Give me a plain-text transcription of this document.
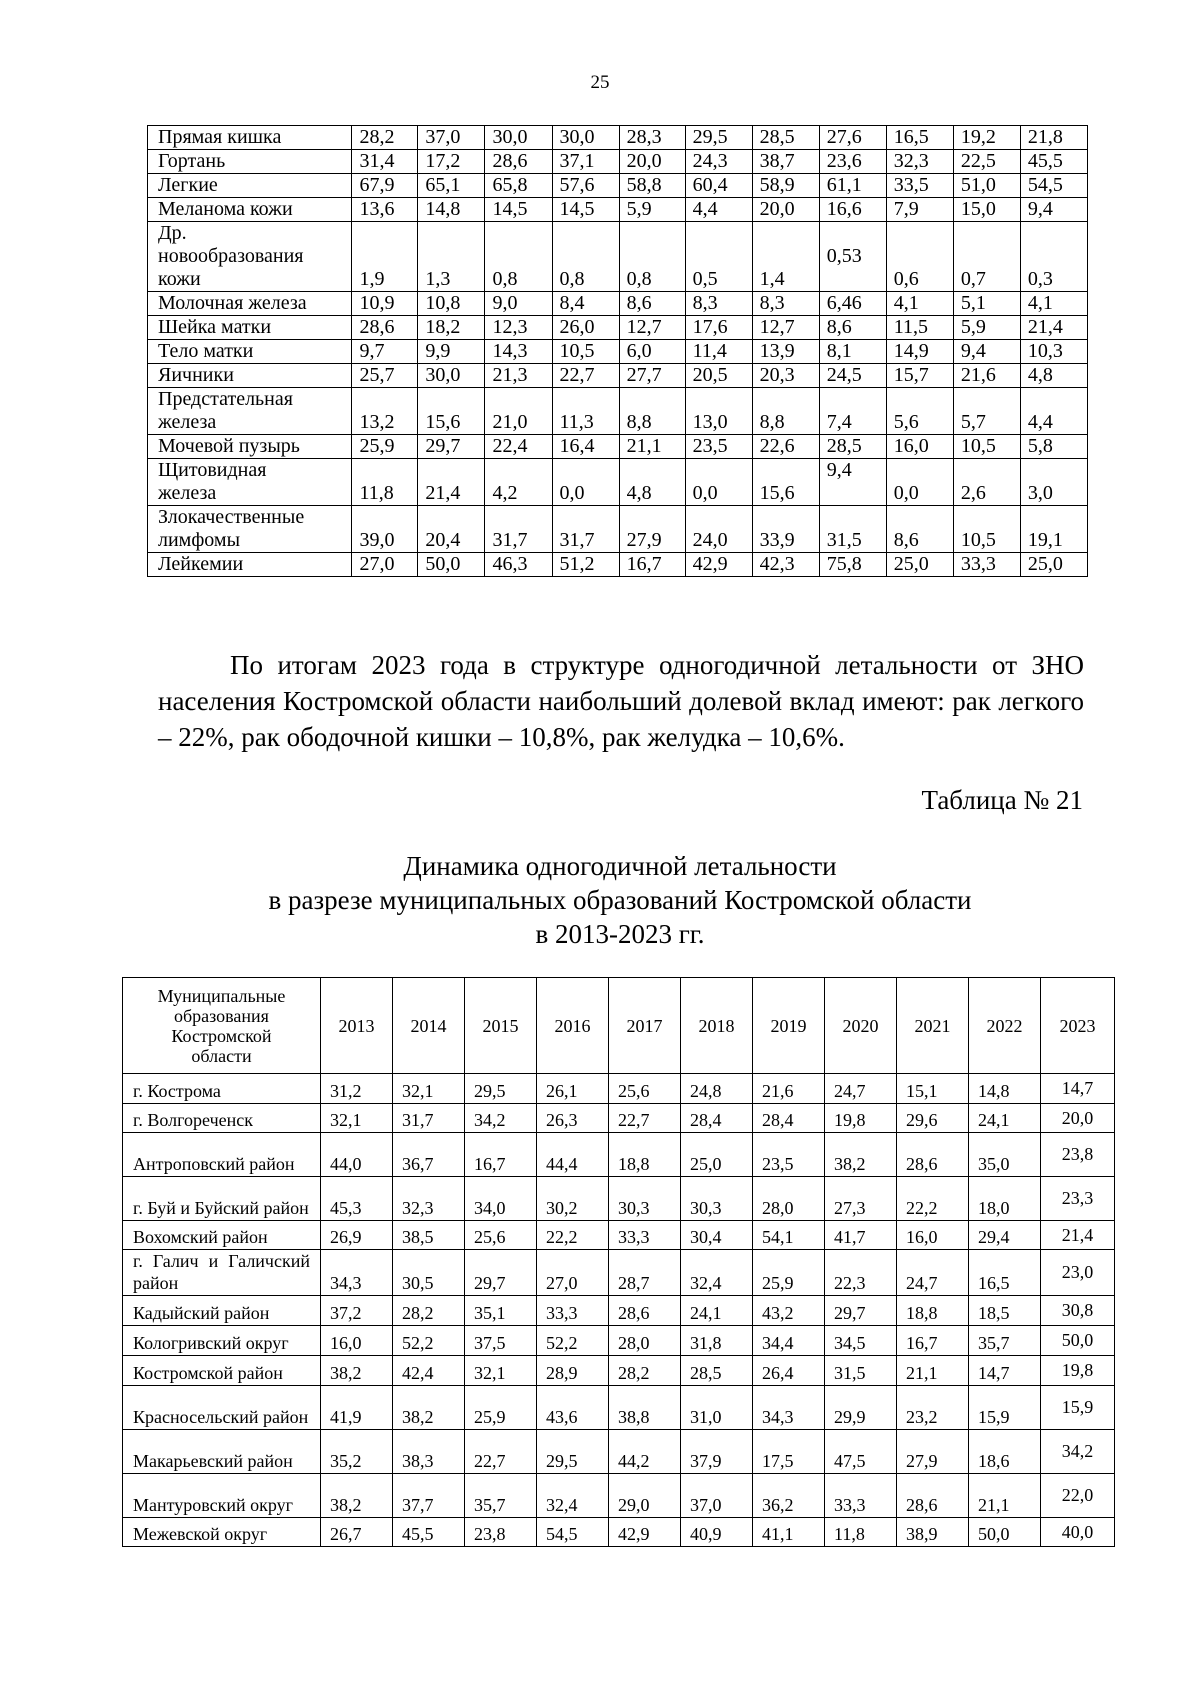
25
Прямая кишка	28,2	37,0	30,0	30,0	28,3	29,5	28,5	27,6	16,5	19,2	21,8

Гортань	31,4	17,2	28,6	37,1	20,0	24,3	38,7	23,6	32,3	22,5	45,5

Легкие	67,9	65,1	65,8	57,6	58,8	60,4	58,9	61,1	33,5	51,0	54,5

Меланома кожи	13,6	14,8	14,5	14,5	5,9	4,4	20,0	16,6	7,9	15,0	9,4

Др.
новообразования
кожи	1,9	1,3	0,8	0,8	0,8	0,5	1,4	0,53	0,6	0,7	0,3

Молочная железа	10,9	10,8	9,0	8,4	8,6	8,3	8,3	6,46	4,1	5,1	4,1

Шейка матки	28,6	18,2	12,3	26,0	12,7	17,6	12,7	8,6	11,5	5,9	21,4

Тело матки	9,7	9,9	14,3	10,5	6,0	11,4	13,9	8,1	14,9	9,4	10,3

Яичники	25,7	30,0	21,3	22,7	27,7	20,5	20,3	24,5	15,7	21,6	4,8

Предстательная
железа	13,2	15,6	21,0	11,3	8,8	13,0	8,8	7,4	5,6	5,7	4,4

Мочевой пузырь	25,9	29,7	22,4	16,4	21,1	23,5	22,6	28,5	16,0	10,5	5,8

Щитовидная
железа	11,8	21,4	4,2	0,0	4,8	0,0	15,6	9,4	0,0	2,6	3,0

Злокачественные
лимфомы	39,0	20,4	31,7	31,7	27,9	24,0	33,9	31,5	8,6	10,5	19,1

Лейкемии	27,0	50,0	46,3	51,2	16,7	42,9	42,3	75,8	25,0	33,3	25,0
По итогам 2023 года в структуре одногодичной летальности от ЗНО населения Костромской области наибольший долевой вклад имеют: рак легкого – 22%, рак ободочной кишки – 10,8%, рак желудка – 10,6%.
Таблица № 21
Динамика одногодичной летальности
в разрезе муниципальных образований Костромской области
в 2013-2023 гг.
Муниципальные образования Костромской области	2013	2014	2015	2016	2017	2018	2019	2020	2021	2022	2023
г. Кострома	31,2	32,1	29,5	26,1	25,6	24,8	21,6	24,7	15,1	14,8	14,7
г. Волгореченск	32,1	31,7	34,2	26,3	22,7	28,4	28,4	19,8	29,6	24,1	20,0
Антроповский район	44,0	36,7	16,7	44,4	18,8	25,0	23,5	38,2	28,6	35,0	23,8
г. Буй и Буйский район	45,3	32,3	34,0	30,2	30,3	30,3	28,0	27,3	22,2	18,0	23,3
Вохомский район	26,9	38,5	25,6	22,2	33,3	30,4	54,1	41,7	16,0	29,4	21,4
г. Галич и Галичский район	34,3	30,5	29,7	27,0	28,7	32,4	25,9	22,3	24,7	16,5	23,0
Кадыйский район	37,2	28,2	35,1	33,3	28,6	24,1	43,2	29,7	18,8	18,5	30,8
Кологривский округ	16,0	52,2	37,5	52,2	28,0	31,8	34,4	34,5	16,7	35,7	50,0
Костромской район	38,2	42,4	32,1	28,9	28,2	28,5	26,4	31,5	21,1	14,7	19,8
Красносельский район	41,9	38,2	25,9	43,6	38,8	31,0	34,3	29,9	23,2	15,9	15,9
Макарьевский район	35,2	38,3	22,7	29,5	44,2	37,9	17,5	47,5	27,9	18,6	34,2
Мантуровский округ	38,2	37,7	35,7	32,4	29,0	37,0	36,2	33,3	28,6	21,1	22,0
Межевской округ	26,7	45,5	23,8	54,5	42,9	40,9	41,1	11,8	38,9	50,0	40,0
